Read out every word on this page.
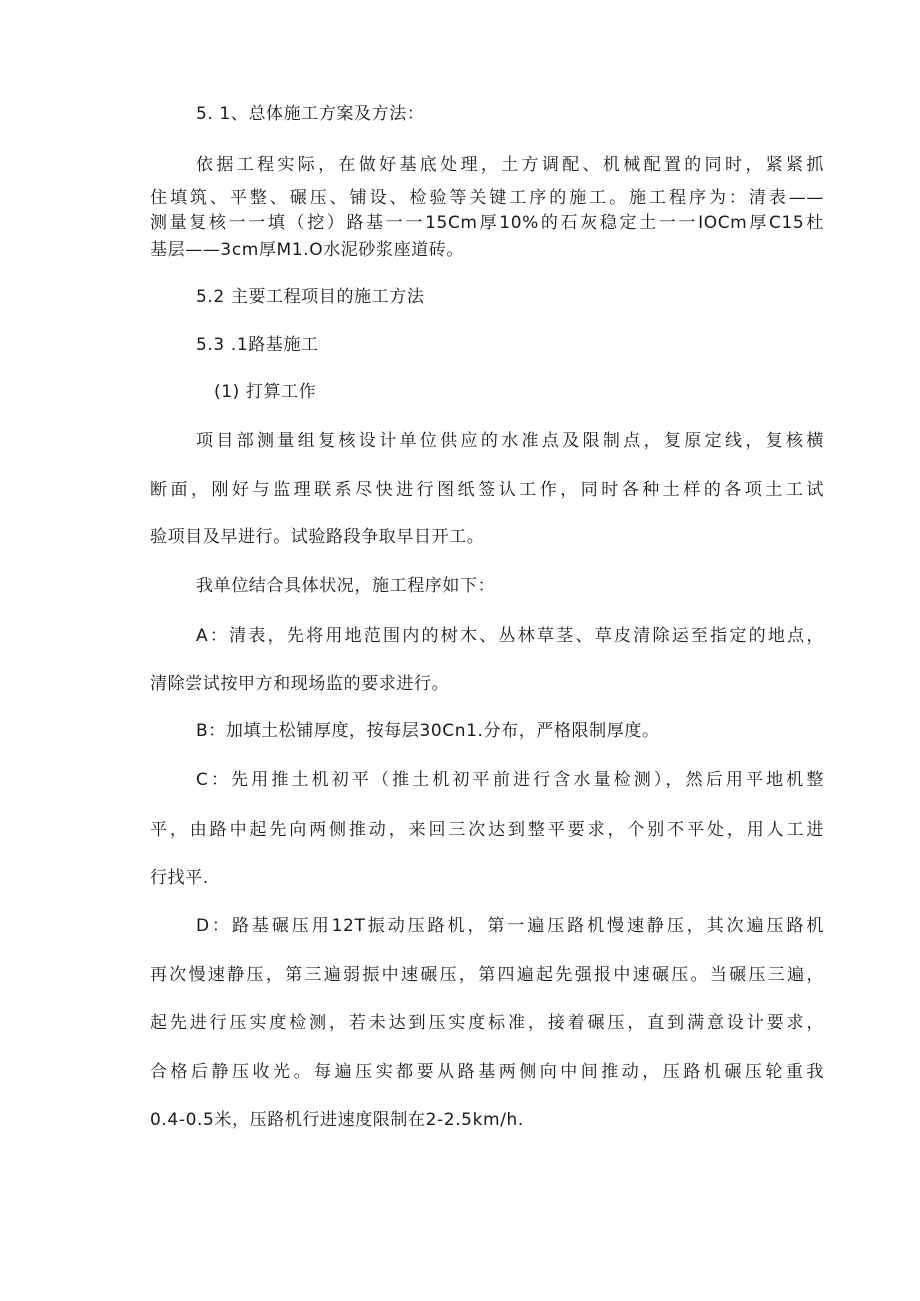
5. 1、总体施工方案及方法：
依据工程实际，在做好基底处理，土方调配、机械配置的同时，紧紧抓
住填筑、平整、碾压、铺设、检验等关键工序的施工。施工程序为：清表——
测量复核一一填（挖）路基一一15Cm厚10%的石灰稳定土一一IOCm厚C15杜
基层——3cm厚M1.O水泥砂浆座道砖。
5.2 主要工程项目的施工方法
5.3 .1路基施工
(1) 打算工作
项目部测量组复核设计单位供应的水准点及限制点，复原定线，复核横
断面，刚好与监理联系尽快进行图纸签认工作，同时各种土样的各项土工试
验项目及早进行。试验路段争取早日开工。
我单位结合具体状况，施工程序如下：
A：清表，先将用地范围内的树木、丛林草茎、草皮清除运至指定的地点，
清除尝试按甲方和现场监的要求进行。
B：加填土松铺厚度，按每层30Cn1.分布，严格限制厚度。
C：先用推土机初平（推土机初平前进行含水量检测），然后用平地机整
平，由路中起先向两侧推动，来回三次达到整平要求，个别不平处，用人工进
行找平.
D：路基碾压用12T振动压路机，第一遍压路机慢速静压，其次遍压路机
再次慢速静压，第三遍弱振中速碾压，第四遍起先强报中速碾压。当碾压三遍，
起先进行压实度检测，若未达到压实度标准，接着碾压，直到满意设计要求，
合格后静压收光。每遍压实都要从路基两侧向中间推动，压路机碾压轮重我
0.4-0.5米，压路机行进速度限制在2-2.5km∕h.
